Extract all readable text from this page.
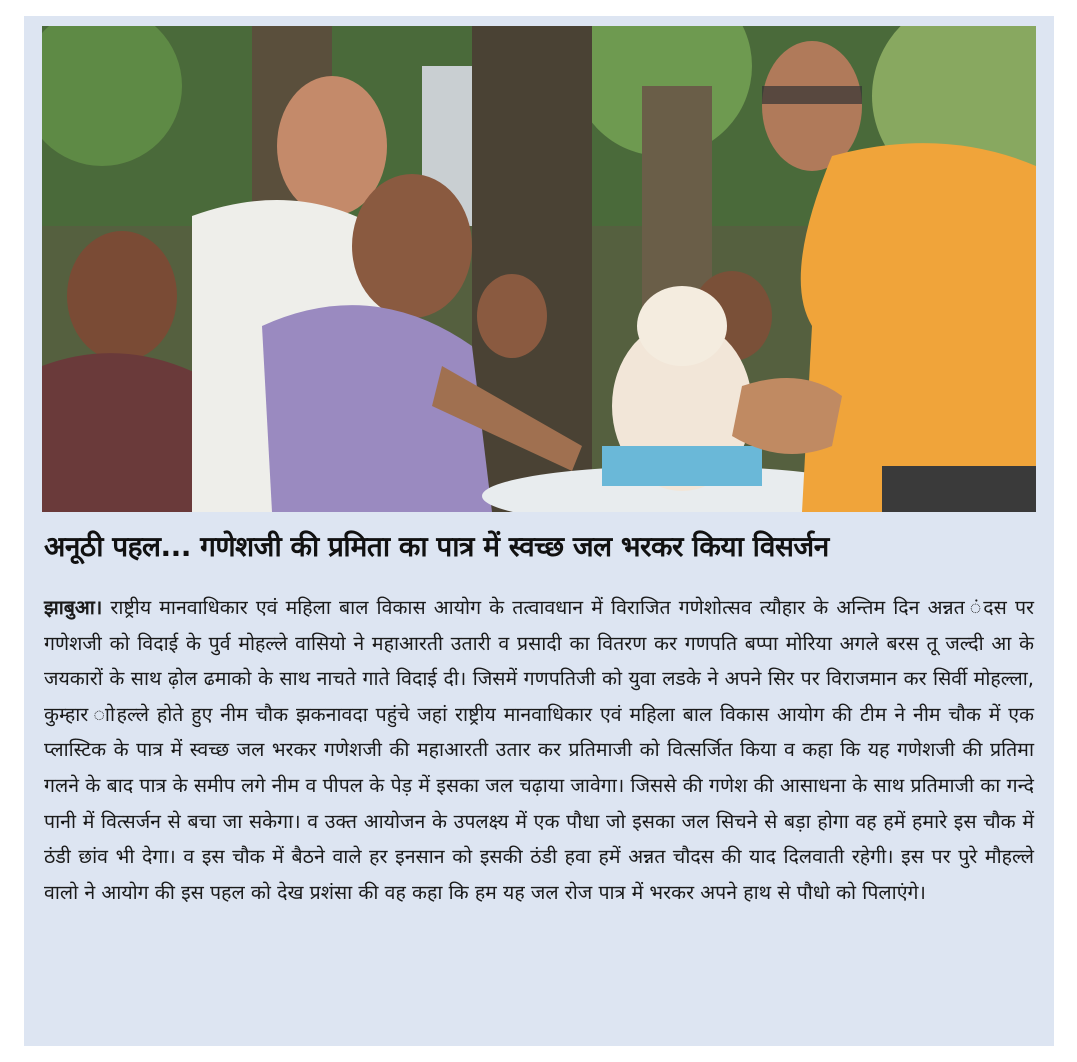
अनूठी पहल... गणेशजी की प्रमिता का पात्र में स्वच्छ जल भरकर किया विसर्जन

झाबुआ। राष्ट्रीय मानवाधिकार एवं महिला बाल विकास आयोग के तत्वावधान में विराजित गणेशोत्सव त्यौहार के अन्तिम दिन अन्नत ंदस पर गणेशजी को विदाई के पुर्व मोहल्ले वासियो ने महाआरती उतारी व प्रसादी का वितरण कर गणपति बप्पा मोरिया अगले बरस तू जल्दी आ के जयकारों के साथ ढ़ोल ढमाको के साथ नाचते गाते विदाई दी। जिसमें गणपतिजी को युवा लडके ने अपने सिर पर विराजमान कर सिर्वी मोहल्ला, कुम्हार ाोहल्ले होते हुए नीम चौक झकनावदा पहुंचे जहां राष्ट्रीय मानवाधिकार एवं महिला बाल विकास आयोग की टीम ने नीम चौक में एक प्लास्टिक के पात्र में स्वच्छ जल भरकर गणेशजी की महाआरती उतार कर प्रतिमाजी को वित्सर्जित किया व कहा कि यह गणेशजी की प्रतिमा गलने के बाद पात्र के समीप लगे नीम व पीपल के पेड़ में इसका जल चढ़ाया जावेगा। जिससे की गणेश की आसाधना के साथ प्रतिमाजी का गन्दे पानी में वित्सर्जन से बचा जा सकेगा। व उक्त आयोजन के उपलक्ष्य में एक पौधा जो इसका जल सिचने से बड़ा होगा वह हमें हमारे इस चौक में ठंडी छांव भी देगा। व इस चौक में बैठने वाले हर इनसान को इसकी ठंडी हवा हमें अन्नत चौदस की याद दिलवाती रहेगी। इस पर पुरे मौहल्ले वालो ने आयोग की इस पहल को देख प्रशंसा की वह कहा कि हम यह जल रोज पात्र में भरकर अपने हाथ से पौधो को पिलाएंगे।
